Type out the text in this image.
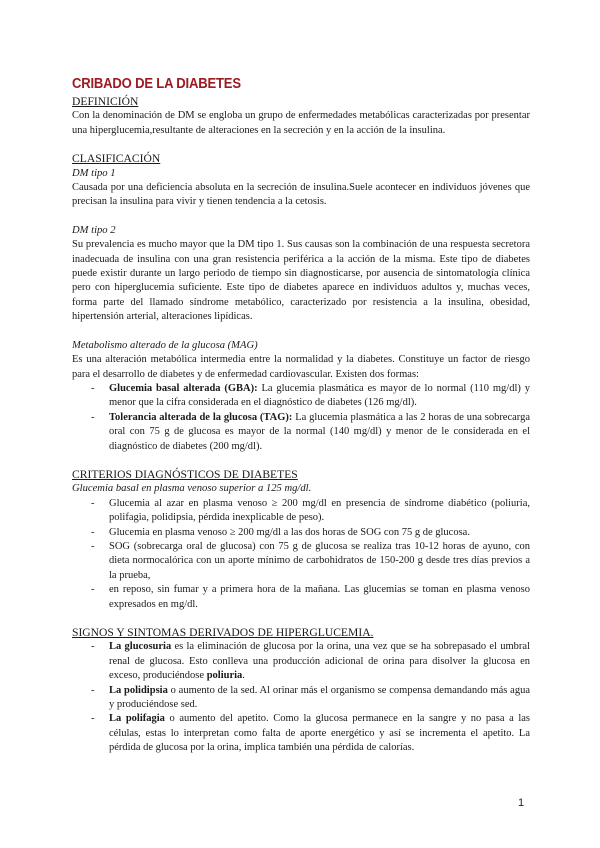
CRIBADO DE LA DIABETES
DEFINICIÓN

Con la denominación de DM se engloba un grupo de enfermedades metabólicas caracterizadas por presentar una hiperglucemia,resultante de alteraciones en la secreción y en la acción de la insulina.

CLASIFICACIÓN
DM tipo 1

Causada por una deficiencia absoluta en la secreción de insulina.Suele acontecer en individuos jóvenes que precisan la insulina para vivir y tienen tendencia a la cetosis.

DM tipo 2

Su prevalencia es mucho mayor que la DM tipo 1. Sus causas son la combinación de una respuesta secretora inadecuada de insulina con una gran resistencia periférica a la acción de la misma. Este tipo de diabetes puede existir durante un largo periodo de tiempo sin diagnosticarse, por ausencia de sintomatología clínica pero con hiperglucemia suficiente. Este tipo de diabetes aparece en individuos adultos y, muchas veces, forma parte del llamado síndrome metabólico, caracterizado por resistencia a la insulina, obesidad, hipertensión arterial, alteraciones lipídicas.

Metabolismo alterado de la glucosa (MAG)

Es una alteración metabólica intermedia entre la normalidad y la diabetes. Constituye un factor de riesgo para el desarrollo de diabetes y de enfermedad cardiovascular. Existen dos formas:

- Glucemia basal alterada (GBA): La glucemia plasmática es mayor de lo normal (110 mg/dl) y menor que la cifra considerada en el diagnóstico de diabetes (126 mg/dl).
- Tolerancia alterada de la glucosa (TAG): La glucemia plasmática a las 2 horas de una sobrecarga oral con 75 g de glucosa es mayor de la normal (140 mg/dl) y menor de le considerada en el diagnóstico de diabetes (200 mg/dl).
CRITERIOS DIAGNÓSTICOS DE DIABETES
Glucemia basal en plasma venoso superior a 125 mg/dl.
- Glucemia al azar en plasma venoso ≥ 200 mg/dl en presencia de síndrome diabético (poliuria, polifagia, polidipsia, pérdida inexplicable de peso).
- Glucemia en plasma venoso ≥ 200 mg/dl a las dos horas de SOG con 75 g de glucosa.
- SOG (sobrecarga oral de glucosa) con 75 g de glucosa se realiza tras 10-12 horas de ayuno, con dieta normocalórica con un aporte mínimo de carbohidratos de 150-200 g desde tres días previos a la prueba,
- en reposo, sin fumar y a primera hora de la mañana. Las glucemias se toman en plasma venoso expresados en mg/dl.
SIGNOS Y SINTOMAS DERIVADOS DE HIPERGLUCEMIA.
- La glucosuria es la eliminación de glucosa por la orina, una vez que se ha sobrepasado el umbral renal de glucosa. Esto conlleva una producción adicional de orina para disolver la glucosa en exceso, produciéndose poliuria.
- La polidipsia o aumento de la sed. Al orinar más el organismo se compensa demandando más agua y produciéndose sed.
- La polifagia o aumento del apetito. Como la glucosa permanece en la sangre y no pasa a las células, estas lo interpretan como falta de aporte energético y así se incrementa el apetito. La pérdida de glucosa por la orina, implica también una pérdida de calorías.
1
